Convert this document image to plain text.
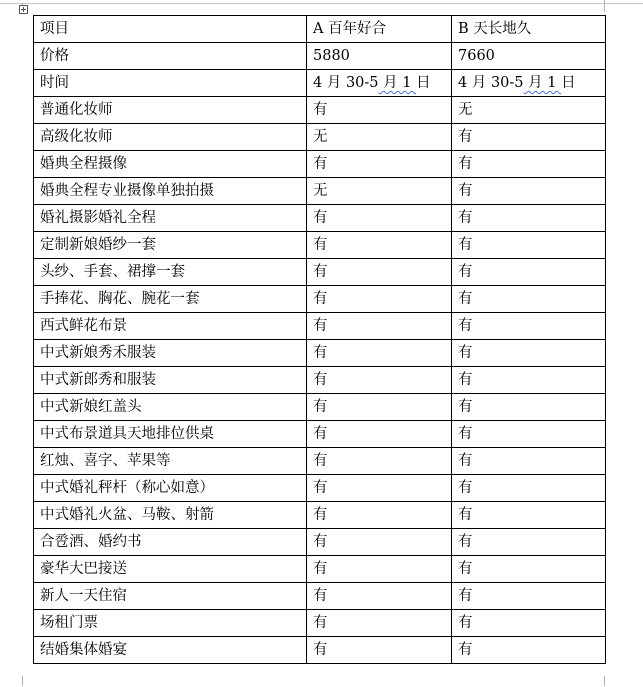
项目	A 百年好合	B 天长地久
价格	5880	7660
时间	4 月 30-5 月 1 日	4 月 30-5 月 1 日
普通化妆师	有	无
高级化妆师	无	有
婚典全程摄像	有	有
婚典全程专业摄像单独拍摄	无	有
婚礼摄影婚礼全程	有	有
定制新娘婚纱一套	有	有
头纱、手套、裙撑一套	有	有
手捧花、胸花、腕花一套	有	有
西式鲜花布景	有	有
中式新娘秀禾服装	有	有
中式新郎秀和服装	有	有
中式新娘红盖头	有	有
中式布景道具天地排位供桌	有	有
红烛、喜字、苹果等	有	有
中式婚礼秤杆（称心如意）	有	有
中式婚礼火盆、马鞍、射箭	有	有
合卺酒、婚约书	有	有
豪华大巴接送	有	有
新人一天住宿	有	有
场租门票	有	有
结婚集体婚宴	有	有
